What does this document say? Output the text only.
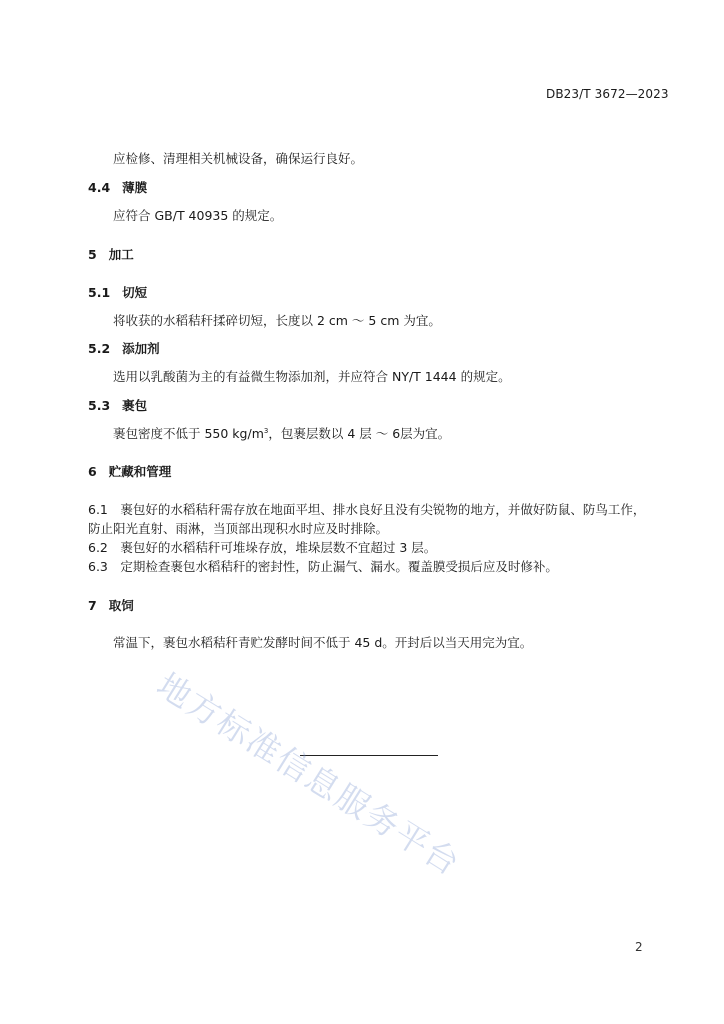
DB23/T 3672—2023
应检修、清理相关机械设备，确保运行良好。
4.4 薄膜
应符合 GB/T 40935 的规定。
5 加工
5.1 切短
将收获的水稻秸秆揉碎切短，长度以 2 cm ～ 5 cm 为宜。
5.2 添加剂
选用以乳酸菌为主的有益微生物添加剂，并应符合 NY/T 1444 的规定。
5.3 裹包
裹包密度不低于 550 $kg/m^3$，包裹层数以 4 层 ～ 6层为宜。
6 贮藏和管理
6.1　裹包好的水稻秸秆需存放在地面平坦、排水良好且没有尖锐物的地方，并做好防鼠、防鸟工作，
防止阳光直射、雨淋，当顶部出现积水时应及时排除。
6.2　裹包好的水稻秸秆可堆垛存放，堆垛层数不宜超过 3 层。
6.3　定期检查裹包水稻秸秆的密封性，防止漏气、漏水。覆盖膜受损后应及时修补。
7 取饲
常温下，裹包水稻秸秆青贮发酵时间不低于 45 d。开封后以当天用完为宜。
地方标准信息服务平台
2
